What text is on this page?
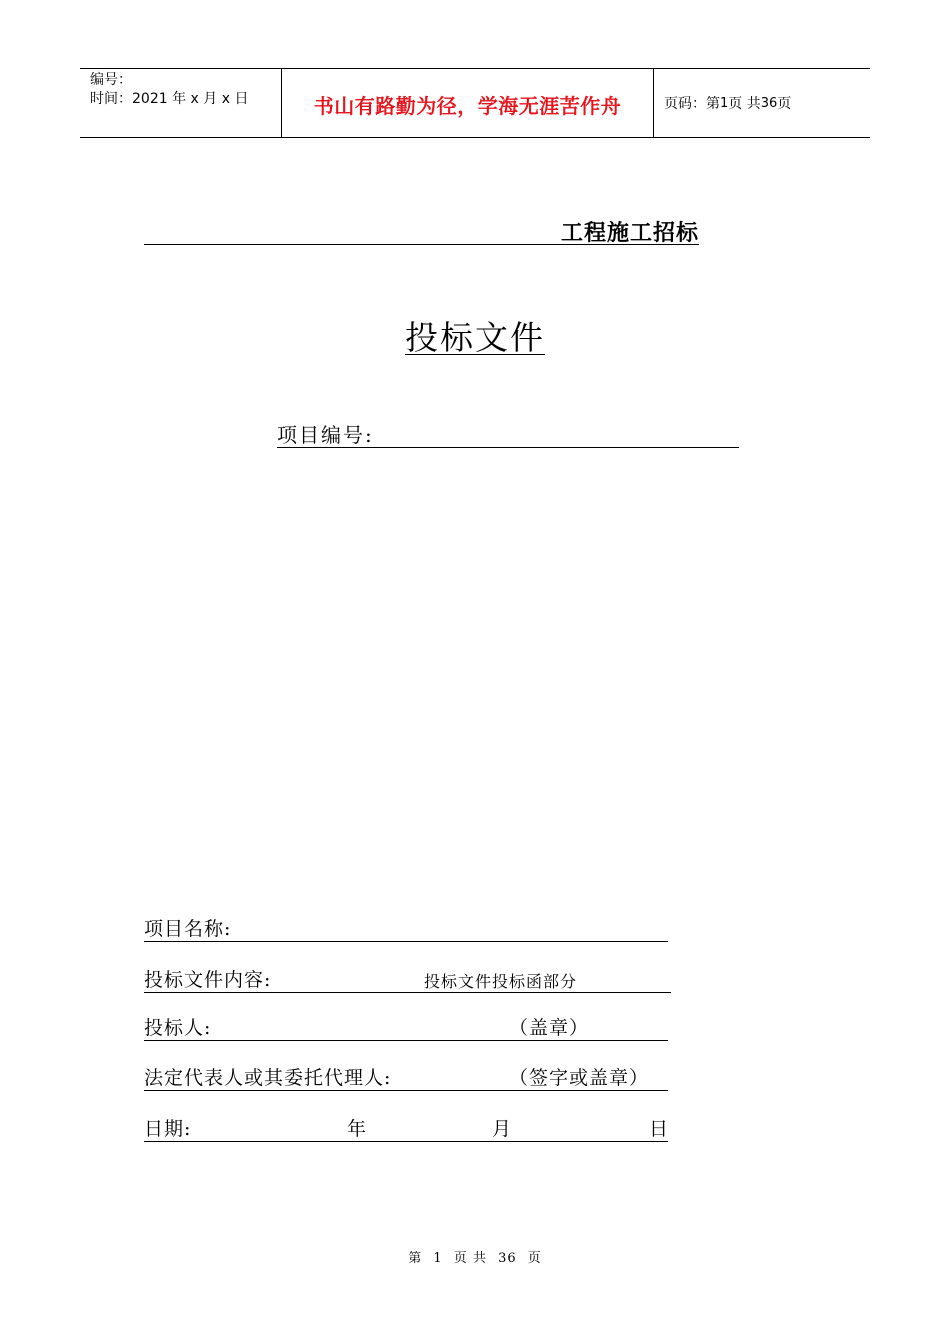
编号：
时间：2021 年 x 月 x 日	书山有路勤为径，学海无涯苦作舟	页码：第 1 页 共 36 页
工程施工招标
投标文件
项目编号:
项目名称:
投标文件内容:	投标文件投标函部分
投标人:	（盖章）
法定代表人或其委托代理人:	（签字或盖章）
日期:	年	月	日
第 1 页 共 36 页
